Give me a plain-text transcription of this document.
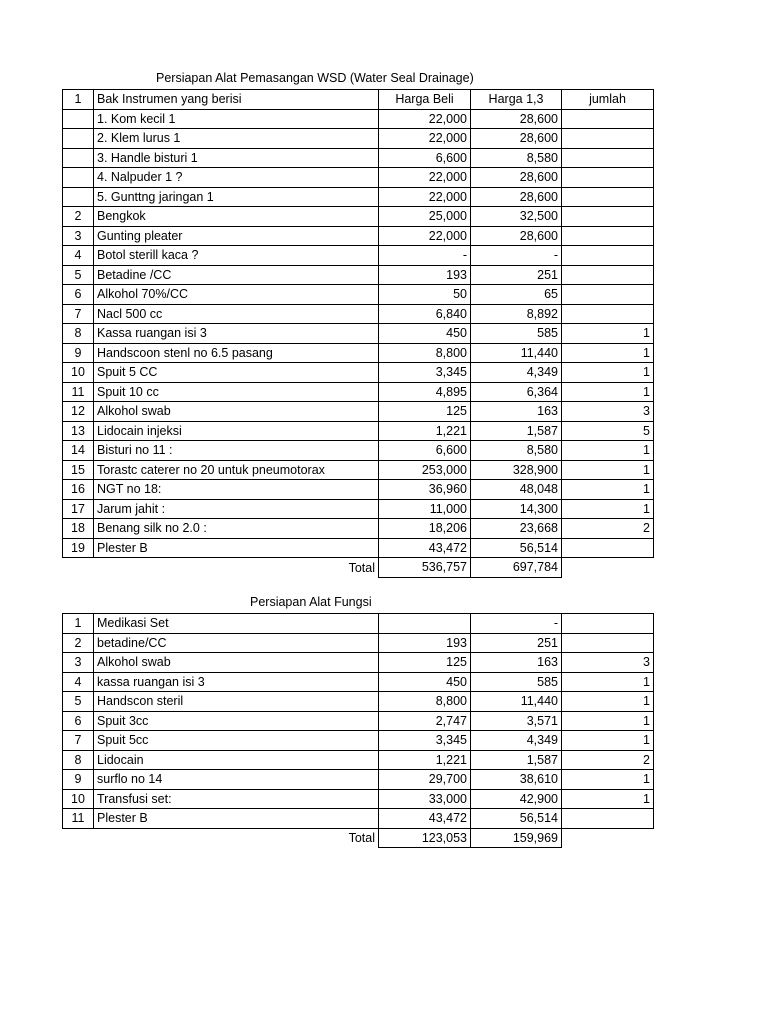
Persiapan Alat Pemasangan WSD (Water Seal Drainage)
1	Bak Instrumen yang berisi	Harga Beli	Harga 1,3	jumlah
	1. Kom kecil 1	22,000	28,600	
	2. Klem lurus 1	22,000	28,600	
	3. Handle bisturi 1	6,600	8,580	
	4. Nalpuder 1 ?	22,000	28,600	
	5. Gunttng jaringan 1	22,000	28,600	
2	Bengkok	25,000	32,500	
3	Gunting pleater	22,000	28,600	
4	Botol sterill kaca ?	-	-	
5	Betadine /CC	193	251	
6	Alkohol 70%/CC	50	65	
7	Nacl 500 cc	6,840	8,892	
8	Kassa ruangan isi 3	450	585	1
9	Handscoon stenl no 6.5 pasang	8,800	11,440	1
10	Spuit 5 CC	3,345	4,349	1
11	Spuit 10 cc	4,895	6,364	1
12	Alkohol swab	125	163	3
13	Lidocain injeksi	1,221	1,587	5
14	Bisturi no 11 :	6,600	8,580	1
15	Torastc caterer no 20 untuk pneumotorax	253,000	328,900	1
16	NGT no 18:	36,960	48,048	1
17	Jarum jahit :	11,000	14,300	1
18	Benang silk no 2.0 :	18,206	23,668	2
19	Plester B	43,472	56,514	
	Total	536,757	697,784	
Persiapan Alat Fungsi
1	Medikasi Set		-	
2	betadine/CC	193	251	
3	Alkohol swab	125	163	3
4	kassa ruangan isi 3	450	585	1
5	Handscon steril	8,800	11,440	1
6	Spuit 3cc	2,747	3,571	1
7	Spuit 5cc	3,345	4,349	1
8	Lidocain	1,221	1,587	2
9	surflo no 14	29,700	38,610	1
10	Transfusi set:	33,000	42,900	1
11	Plester B	43,472	56,514	
	Total	123,053	159,969	
